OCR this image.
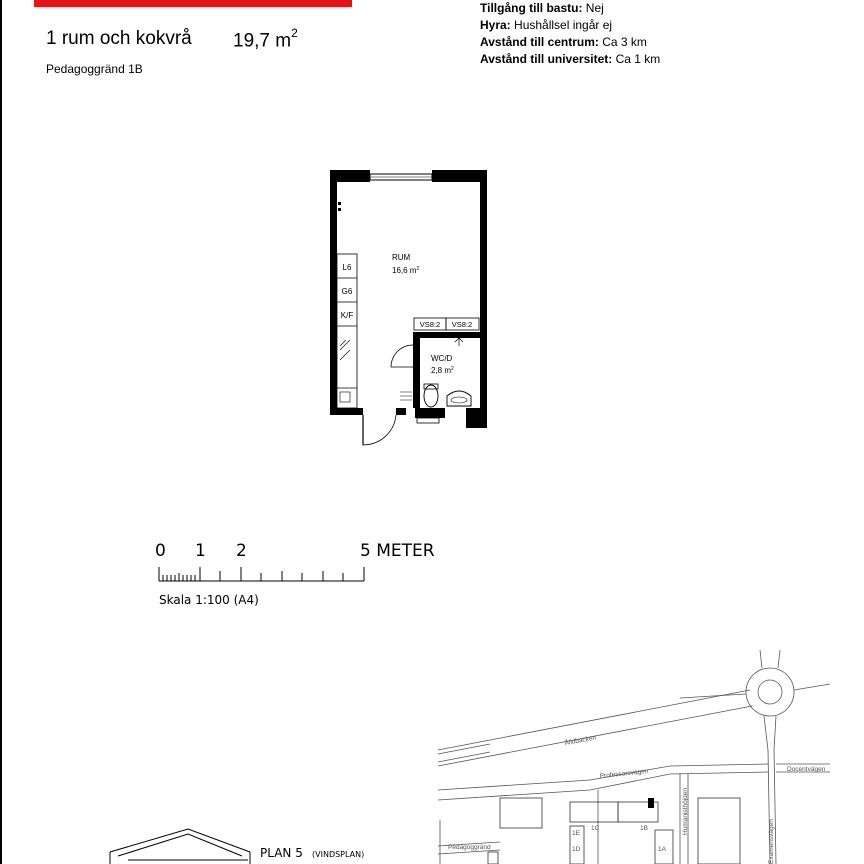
1 rum och kokvrå 19,7 $m^2$
Pedagoggränd 1B
Tillgång till bastu: Nej
Hyra: Hushållsel ingår ej
Avstånd till centrum: Ca 3 km
Avstånd till universitet: Ca 1 km
L6
G6
K/F
RUM
16,6 $m^2$
VS8:2 VS8:2
WC/D
2,8 $m^2$
0 1 2	5 METER
Skala 1:100 (A4)
Ålidbacken
Professorsvägen	Docentvägen
Pedagoggränd
Humanisthöjden
Examensvägen
1C	1B
1E
1D	1A
PLAN 5 (VINDSPLAN)
